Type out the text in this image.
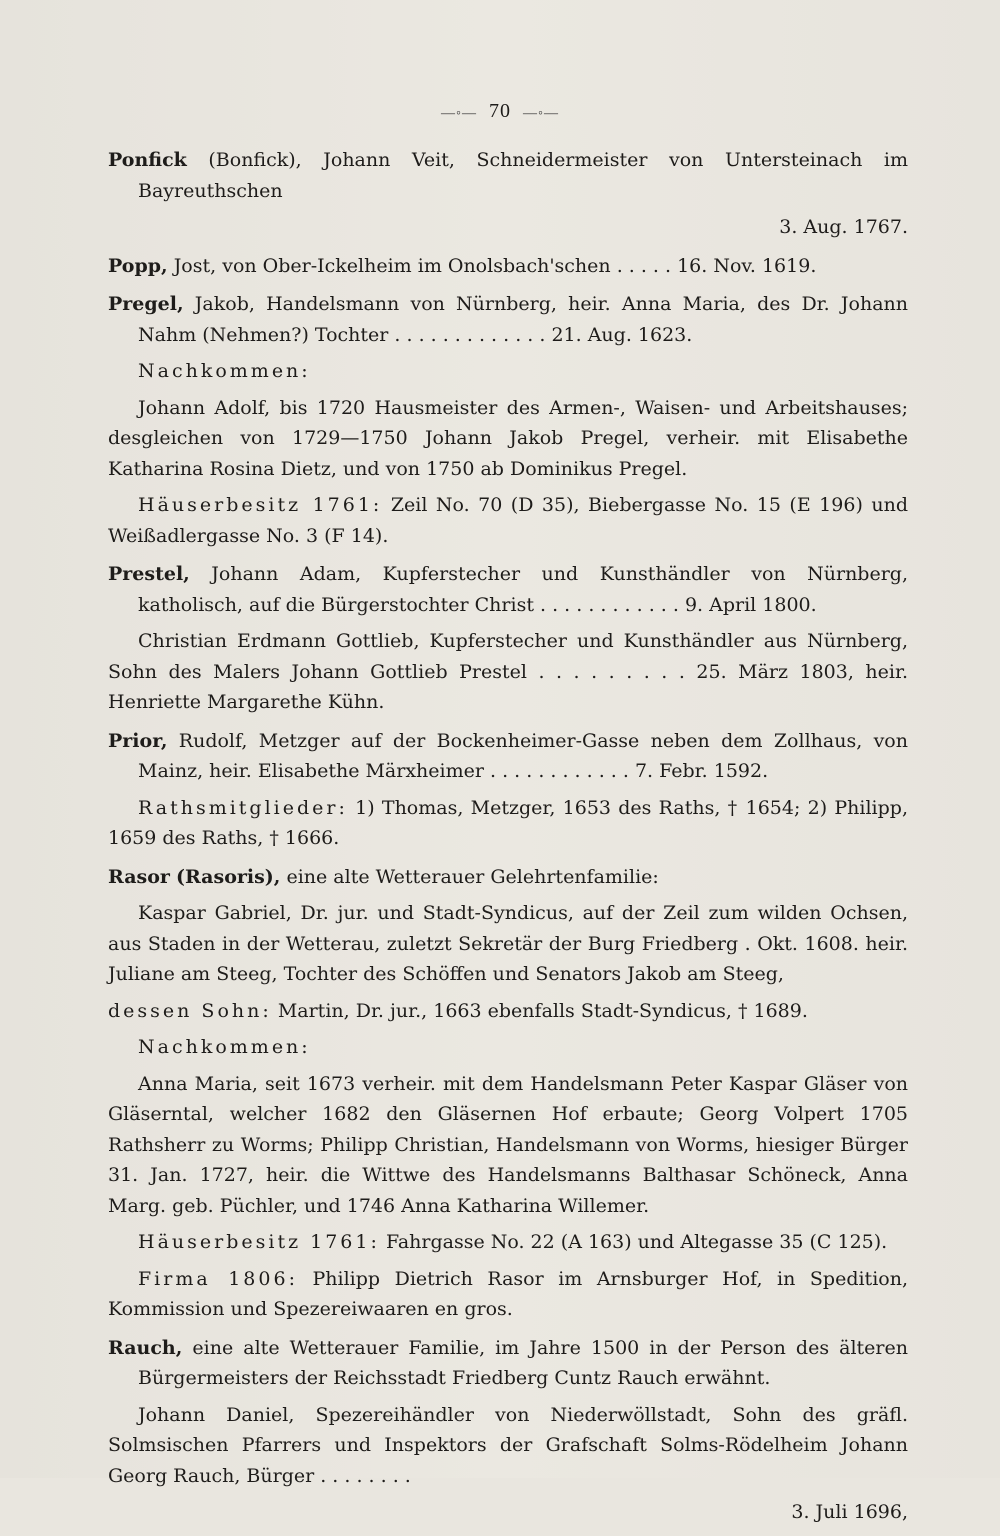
—◦— 70 —◦—

Ponfick (Bonfick), Johann Veit, Schneidermeister von Untersteinach im Bayreuthschen

3. Aug. 1767.

Popp, Jost, von Ober-Ickelheim im Onolsbach'schen . . . . . 16. Nov. 1619.

Pregel, Jakob, Handelsmann von Nürnberg, heir. Anna Maria, des Dr. Johann Nahm (Nehmen?) Tochter . . . . . . . . . . . . . 21. Aug. 1623.

Nachkommen:

Johann Adolf, bis 1720 Hausmeister des Armen-, Waisen- und Arbeitshauses; desgleichen von 1729—1750 Johann Jakob Pregel, verheir. mit Elisabethe Katharina Rosina Dietz, und von 1750 ab Dominikus Pregel.

Häuserbesitz 1761: Zeil No. 70 (D 35), Biebergasse No. 15 (E 196) und Weißadlergasse No. 3 (F 14).

Prestel, Johann Adam, Kupferstecher und Kunsthändler von Nürnberg, katholisch, auf die Bürgerstochter Christ . . . . . . . . . . . . 9. April 1800.

Christian Erdmann Gottlieb, Kupferstecher und Kunsthändler aus Nürnberg, Sohn des Malers Johann Gottlieb Prestel . . . . . . . . . 25. März 1803, heir. Henriette Margarethe Kühn.

Prior, Rudolf, Metzger auf der Bockenheimer-Gasse neben dem Zollhaus, von Mainz, heir. Elisabethe Märxheimer . . . . . . . . . . . . 7. Febr. 1592.

Rathsmitglieder: 1) Thomas, Metzger, 1653 des Raths, † 1654; 2) Philipp, 1659 des Raths, † 1666.

Rasor (Rasoris), eine alte Wetterauer Gelehrtenfamilie:

Kaspar Gabriel, Dr. jur. und Stadt-Syndicus, auf der Zeil zum wilden Ochsen, aus Staden in der Wetterau, zuletzt Sekretär der Burg Friedberg . Okt. 1608. heir. Juliane am Steeg, Tochter des Schöffen und Senators Jakob am Steeg,

dessen Sohn: Martin, Dr. jur., 1663 ebenfalls Stadt-Syndicus, † 1689.

Nachkommen:

Anna Maria, seit 1673 verheir. mit dem Handelsmann Peter Kaspar Gläser von Gläserntal, welcher 1682 den Gläsernen Hof erbaute; Georg Volpert 1705 Rathsherr zu Worms; Philipp Christian, Handelsmann von Worms, hiesiger Bürger 31. Jan. 1727, heir. die Wittwe des Handelsmanns Balthasar Schöneck, Anna Marg. geb. Püchler, und 1746 Anna Katharina Willemer.

Häuserbesitz 1761: Fahrgasse No. 22 (A 163) und Altegasse 35 (C 125).

Firma 1806: Philipp Dietrich Rasor im Arnsburger Hof, in Spedition, Kommission und Spezereiwaaren en gros.

Rauch, eine alte Wetterauer Familie, im Jahre 1500 in der Person des älteren Bürgermeisters der Reichsstadt Friedberg Cuntz Rauch erwähnt.

Johann Daniel, Spezereihändler von Niederwöllstadt, Sohn des gräfl. Solmsischen Pfarrers und Inspektors der Grafschaft Solms-Rödelheim Johann Georg Rauch, Bürger . . . . . . . .

3. Juli 1696,
